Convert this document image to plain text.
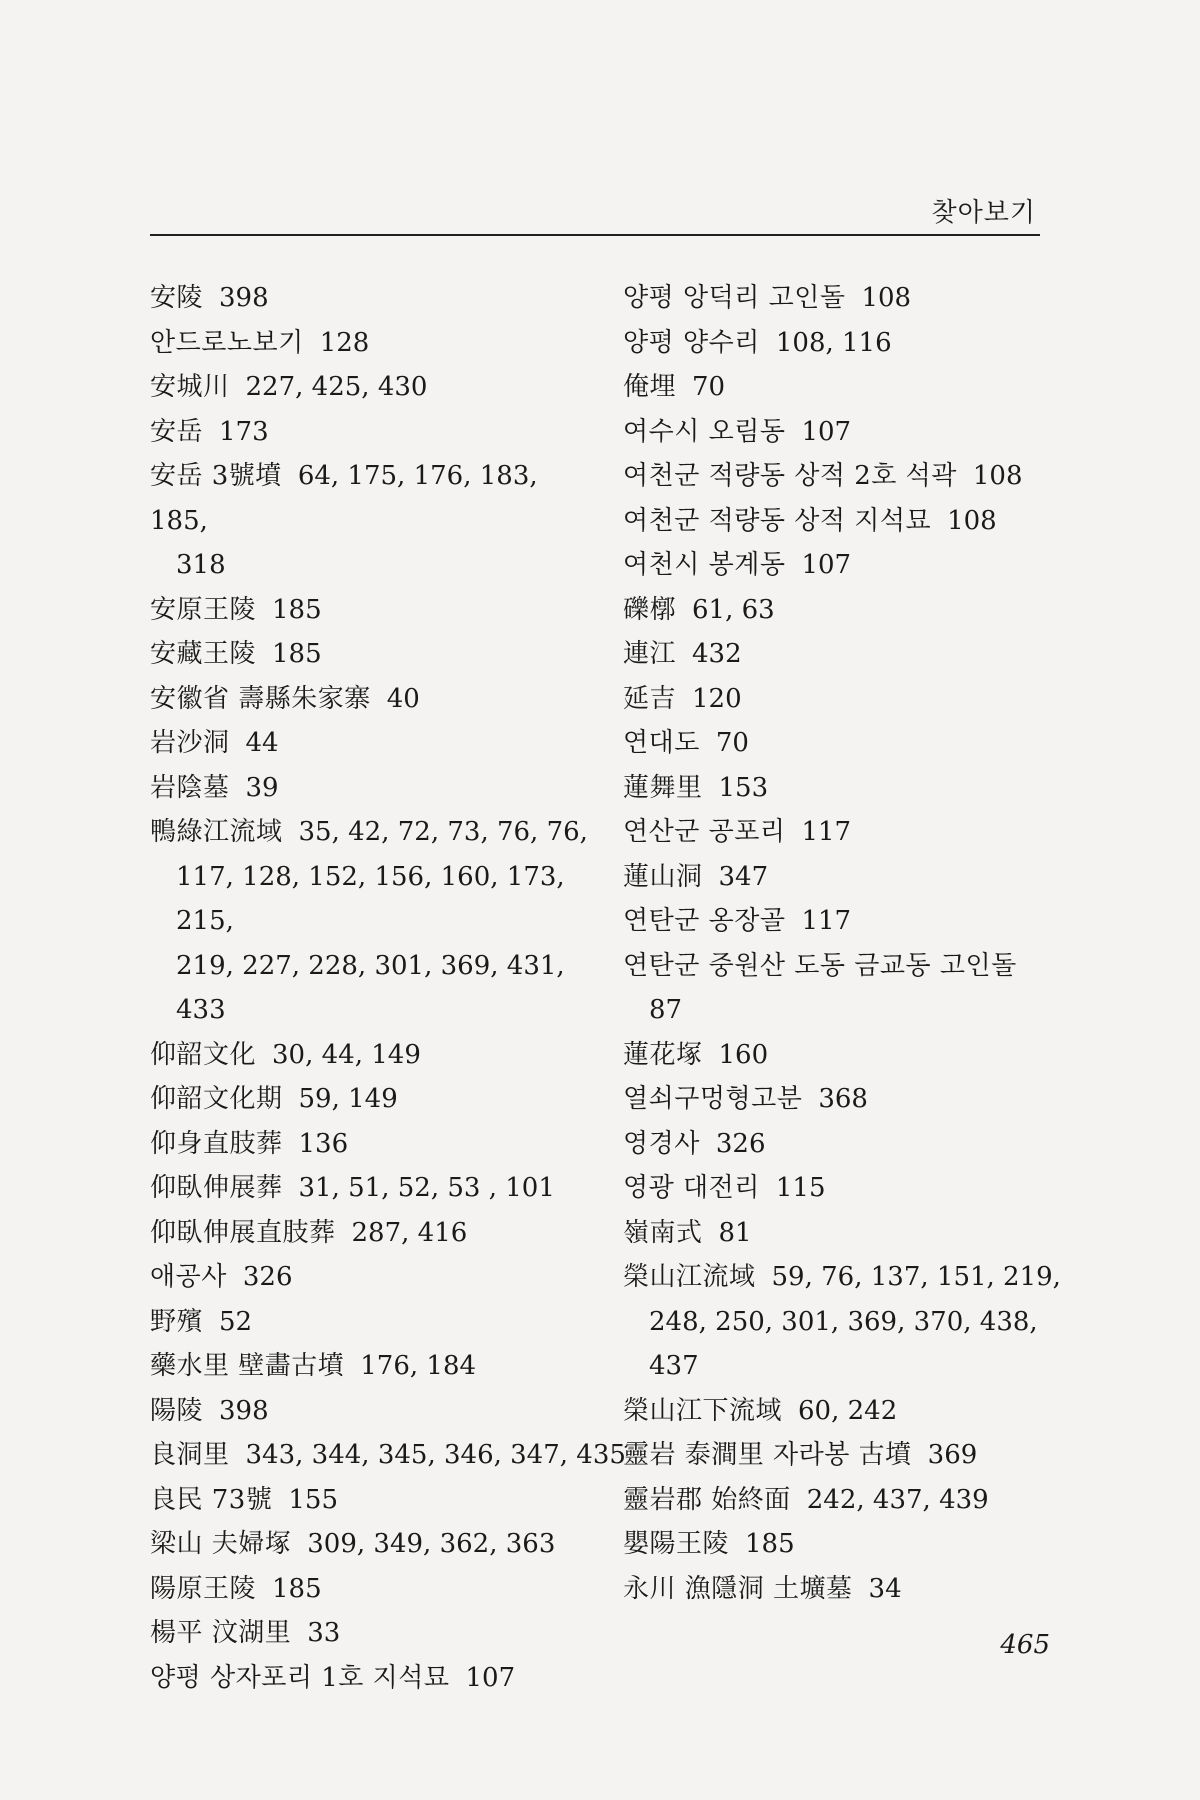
찾아보기
安陵 398
안드로노보기 128
安城川 227, 425, 430
安岳 173
安岳 3號墳 64, 175, 176, 183, 185,
318
安原王陵 185
安藏王陵 185
安徽省 壽縣朱家寨 40
岩沙洞 44
岩陰墓 39
鴨綠江流域 35, 42, 72, 73, 76, 76,
117, 128, 152, 156, 160, 173, 215,
219, 227, 228, 301, 369, 431, 433
仰韶文化 30, 44, 149
仰韶文化期 59, 149
仰身直肢葬 136
仰臥伸展葬 31, 51, 52, 53 , 101
仰臥伸展直肢葬 287, 416
애공사 326
野殯 52
藥水里 壁畵古墳 176, 184
陽陵 398
良洞里 343, 344, 345, 346, 347, 435
良民 73號 155
梁山 夫婦塚 309, 349, 362, 363
陽原王陵 185
楊平 汶湖里 33
양평 상자포리 1호 지석묘 107
양평 앙덕리 고인돌 108
양평 양수리 108, 116
俺埋 70
여수시 오림동 107
여천군 적량동 상적 2호 석곽 108
여천군 적량동 상적 지석묘 108
여천시 봉계동 107
礫槨 61, 63
連江 432
延吉 120
연대도 70
蓮舞里 153
연산군 공포리 117
蓮山洞 347
연탄군 옹장골 117
연탄군 중원산 도동 금교동 고인돌
87
蓮花塚 160
열쇠구멍형고분 368
영경사 326
영광 대전리 115
嶺南式 81
榮山江流域 59, 76, 137, 151, 219,
248, 250, 301, 369, 370, 438, 437
榮山江下流域 60, 242
靈岩 泰澗里 자라봉 古墳 369
靈岩郡 始終面 242, 437, 439
嬰陽王陵 185
永川 漁隱洞 土壙墓 34
465
